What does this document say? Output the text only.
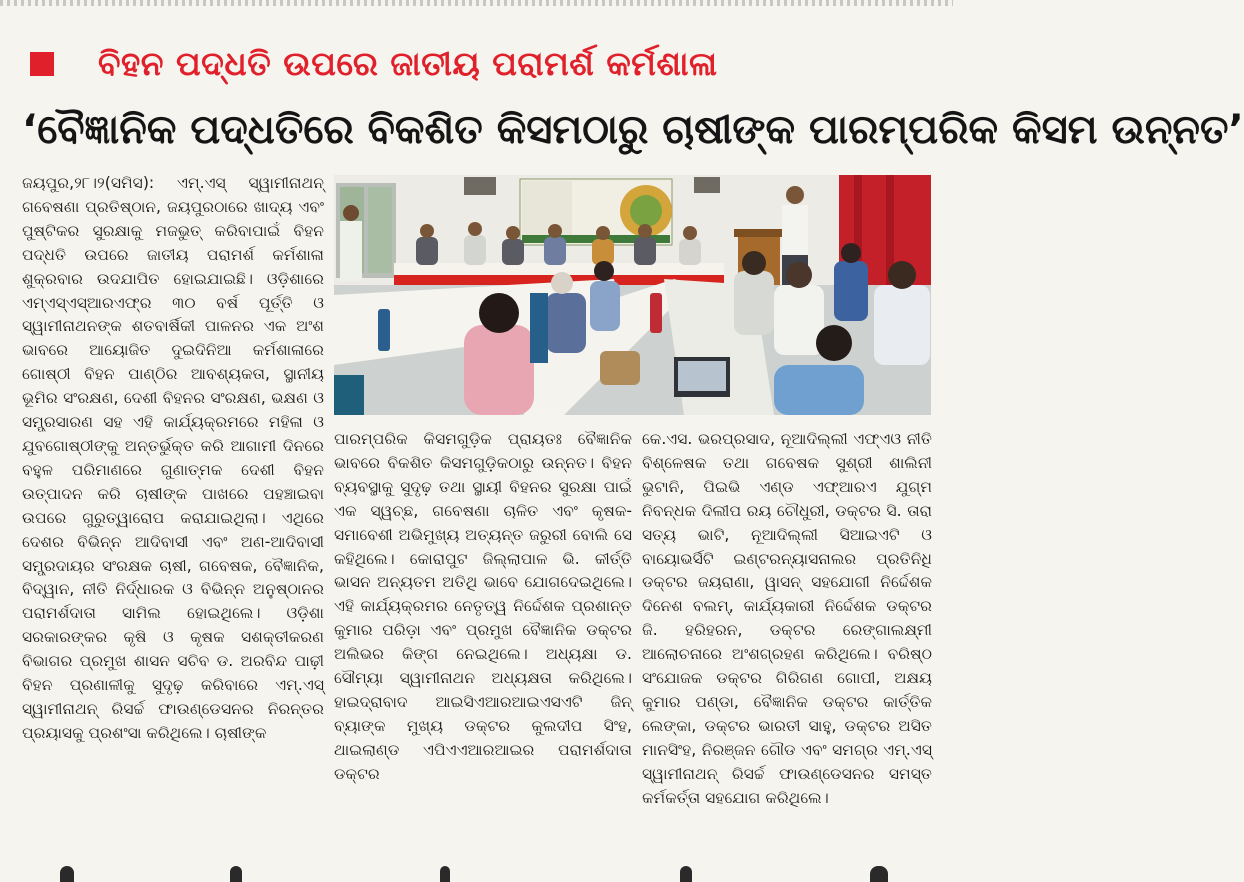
ବିହନ ପଦ୍ଧତି ଉପରେ ଜାତୀୟ ପରାମର୍ଶ କର୍ମଶାଳା
‘ବୈଜ୍ଞାନିକ ପଦ୍ଧତିରେ ବିକଶିତ କିସମଠାରୁ ଚାଷୀଙ୍କ ପାରମ୍ପରିକ କିସମ ଉନ୍ନତ’
ଜୟପୁର,୨୮।୨(ସମିସ): ଏମ୍‌.ଏସ୍‌ ସ୍ୱାମୀନାଥନ୍‌ ଗବେଷଣା ପ୍ରତିଷ୍ଠାନ, ଜୟପୁରଠାରେ ଖାଦ୍ୟ ଏବଂ ପୁଷ୍ଟିକର ସୁରକ୍ଷାକୁ ମଜଭୁତ୍‌ କରିବାପାଇଁ ବିହନ ପଦ୍ଧତି ଉପରେ ଜାତୀୟ ପରାମର୍ଶ କର୍ମଶାଳା ଶୁକ୍ରବାର ଉଦଯାପିତ ହୋଇଯାଇଛି। ଓଡ଼ିଶାରେ ଏମ୍‌ଏସ୍‌ଏସ୍‌ଆରଏଫ୍‌ର ୩୦ ବର୍ଷ ପୂର୍ତ୍ତି ଓ ସ୍ୱାମୀନାଥନଙ୍କ ଶତବାର୍ଷିକୀ ପାଳନର ଏକ ଅଂଶ ଭାବରେ ଆୟୋଜିତ ଦୁଇଦିନିଆ କର୍ମଶାଳାରେ ଗୋଷ୍ଠୀ ବିହନ ପାଣ୍ଠିର ଆବଶ୍ୟକତା, ସ୍ଥାନୀୟ ଭୂମିର ସଂରକ୍ଷଣ, ଦେଶୀ ବିହନର ସଂରକ୍ଷଣ, ଭକ୍ଷଣ ଓ ସମ୍ପ୍ରସାରଣ ସହ ଏହି କାର୍ଯ୍ୟକ୍ରମରେ ମହିଳା ଓ ଯୁବଗୋଷ୍ଠୀଙ୍କୁ ଅନ୍ତର୍ଭୁକ୍ତ କରି ଆଗାମୀ ଦିନରେ ବହୁଳ ପରିମାଣରେ ଗୁଣାତ୍ମକ ଦେଶୀ ବିହନ ଉତ୍ପାଦନ କରି ଚାଷୀଙ୍କ ପାଖରେ ପହଞ୍ଚାଇବା ଉପରେ ଗୁରୁତ୍ୱାରୋପ କରାଯାଇଥିଲା। ଏଥିରେ ଦେଶର ବିଭିନ୍ନ ଆଦିବାସୀ ଏବଂ ଅଣ-ଆଦିବାସୀ ସମ୍ପ୍ରଦାୟର ସଂରକ୍ଷକ ଚାଷୀ, ଗବେଷକ, ବୈଜ୍ଞାନିକ, ବିଦ୍ୱାନ, ନୀତି ନିର୍ଦ୍ଧାରକ ଓ ବିଭିନ୍ନ ଅନୁଷ୍ଠାନର ପରାମର୍ଶଦାତା ସାମିଲ ହୋଇଥିଲେ। ଓଡ଼ିଶା ସରକାରଙ୍କର କୃଷି ଓ କୃଷକ ସଶକ୍ତୀକରଣ ବିଭାଗର ପ୍ରମୁଖ ଶାସନ ସଚିବ ଡ. ଅରବିନ୍ଦ ପାଢ଼ୀ ବିହନ ପ୍ରଣାଳୀକୁ ସୁଦୃଢ଼ କରିବାରେ ଏମ୍‌.ଏସ୍‌ ସ୍ୱାମୀନାଥନ୍‌ ରିସର୍ଚ୍ଚ ଫାଉଣ୍ଡେସନର ନିରନ୍ତର ପ୍ରୟାସକୁ ପ୍ରଶଂସା କରିଥିଲେ। ଚାଷୀଙ୍କ
ପାରମ୍ପରିକ କିସମଗୁଡ଼ିକ ପ୍ରାୟତଃ ବୈଜ୍ଞାନିକ ଭାବରେ ବିକଶିତ କିସମଗୁଡ଼ିକଠାରୁ ଉନ୍ନତ। ବିହନ ବ୍ୟବସ୍ଥାକୁ ସୁଦୃଢ଼ ତଥା ସ୍ଥାୟୀ ବିହନର ସୁରକ୍ଷା ପାଇଁ ଏକ ସ୍ୱଚ୍ଛ, ଗବେଷଣା ଚାଳିତ ଏବଂ କୃଷକ-ସମାବେଶୀ ଅଭିମୁଖ୍ୟ ଅତ୍ୟନ୍ତ ଜରୁରୀ ବୋଲି ସେ କହିଥିଲେ। କୋରାପୁଟ ଜିଲ୍ଲାପାଳ ଭି. କୀର୍ତ୍ତି ଭାସନ ଅନ୍ୟତମ ଅତିଥି ଭାବେ ଯୋଗଦେଇଥିଲେ। ଏହି କାର୍ଯ୍ୟକ୍ରମର ନେତୃତ୍ୱ ନିର୍ଦ୍ଦେଶକ ପ୍ରଶାନ୍ତ କୁମାର ପରିଡ଼ା ଏବଂ ପ୍ରମୁଖ ବୈଜ୍ଞାନିକ ଡକ୍ଟର ଅଲିଭର କିଙ୍ଗ ନେଇଥିଲେ। ଅଧ୍ୟକ୍ଷା ଡ. ସୌମ୍ୟା ସ୍ୱାମୀନାଥନ ଅଧ୍ୟକ୍ଷତା କରିଥିଲେ। ହାଇଦ୍ରାବାଦ ଆଇସିଏଆରଆଇଏସଏଟି ଜିନ୍‌ ବ୍ୟାଙ୍କ ମୁଖ୍ୟ ଡକ୍ଟର କୁଲଦୀପ ସିଂହ, ଥାଇଲାଣ୍ଡ ଏପିଏଏଆରଆଇର ପରାମର୍ଶଦାତା ଡକ୍ଟର
କେ.ଏସ. ଭରପ୍ରସାଦ, ନୂଆଦିଲ୍ଲୀ ଏଫ୍‌ଏଓ ନୀତି ବିଶ୍ଳେଷକ ତଥା ଗବେଷକ ସୁଶ୍ରୀ ଶାଲିନୀ ଭୁଟାନି, ପିଇଭି ଏଣ୍ଡ ଏଫ୍‌ଆରଏ ଯୁଗ୍ମ ନିବନ୍ଧକ ଦିଲୀପ ରୟ ଚୌଧୁରୀ, ଡକ୍ଟର ସି. ତାରା ସତ୍ୟ ଭାଟି, ନୂଆଦିଲ୍ଲୀ ସିଆଇଏଟି ଓ ବାୟୋଭର୍ସିଟି ଇଣ୍ଟରନ୍ୟାସନାଲର ପ୍ରତିନିଧି ଡକ୍ଟର ଜୟରାଣା, ୱାସନ୍‌ ସହଯୋଗୀ ନିର୍ଦ୍ଦେଶକ ଦିନେଶ ବଲମ୍‌, କାର୍ଯ୍ୟକାରୀ ନିର୍ଦ୍ଦେଶକ ଡକ୍ଟର ଜି. ହରିହରନ, ଡକ୍ଟର ରେଙ୍ଗାଲକ୍ଷ୍ମୀ ଆଲୋଚନାରେ ଅଂଶଗ୍ରହଣ କରିଥିଲେ। ବରିଷ୍ଠ ସଂଯୋଜକ ଡକ୍ଟର ଗିରିଗଣ ଗୋପୀ, ଅକ୍ଷୟ କୁମାର ପଣ୍ଡା, ବୈଜ୍ଞାନିକ ଡକ୍ଟର କାର୍ତ୍ତିକ ଲେଙ୍କା, ଡକ୍ଟର ଭାରତୀ ସାହୁ, ଡକ୍ଟର ଅସିତ ମାନସିଂହ, ନିରଞ୍ଜନ ଗୌଡ ଏବଂ ସମଗ୍ର ଏମ୍‌.ଏସ୍‌ ସ୍ୱାମୀନାଥନ୍‌ ରିସର୍ଚ୍ଚ ଫାଉଣ୍ଡେସନର ସମସ୍ତ କର୍ମକର୍ତ୍ତା ସହଯୋଗ କରିଥିଲେ।
